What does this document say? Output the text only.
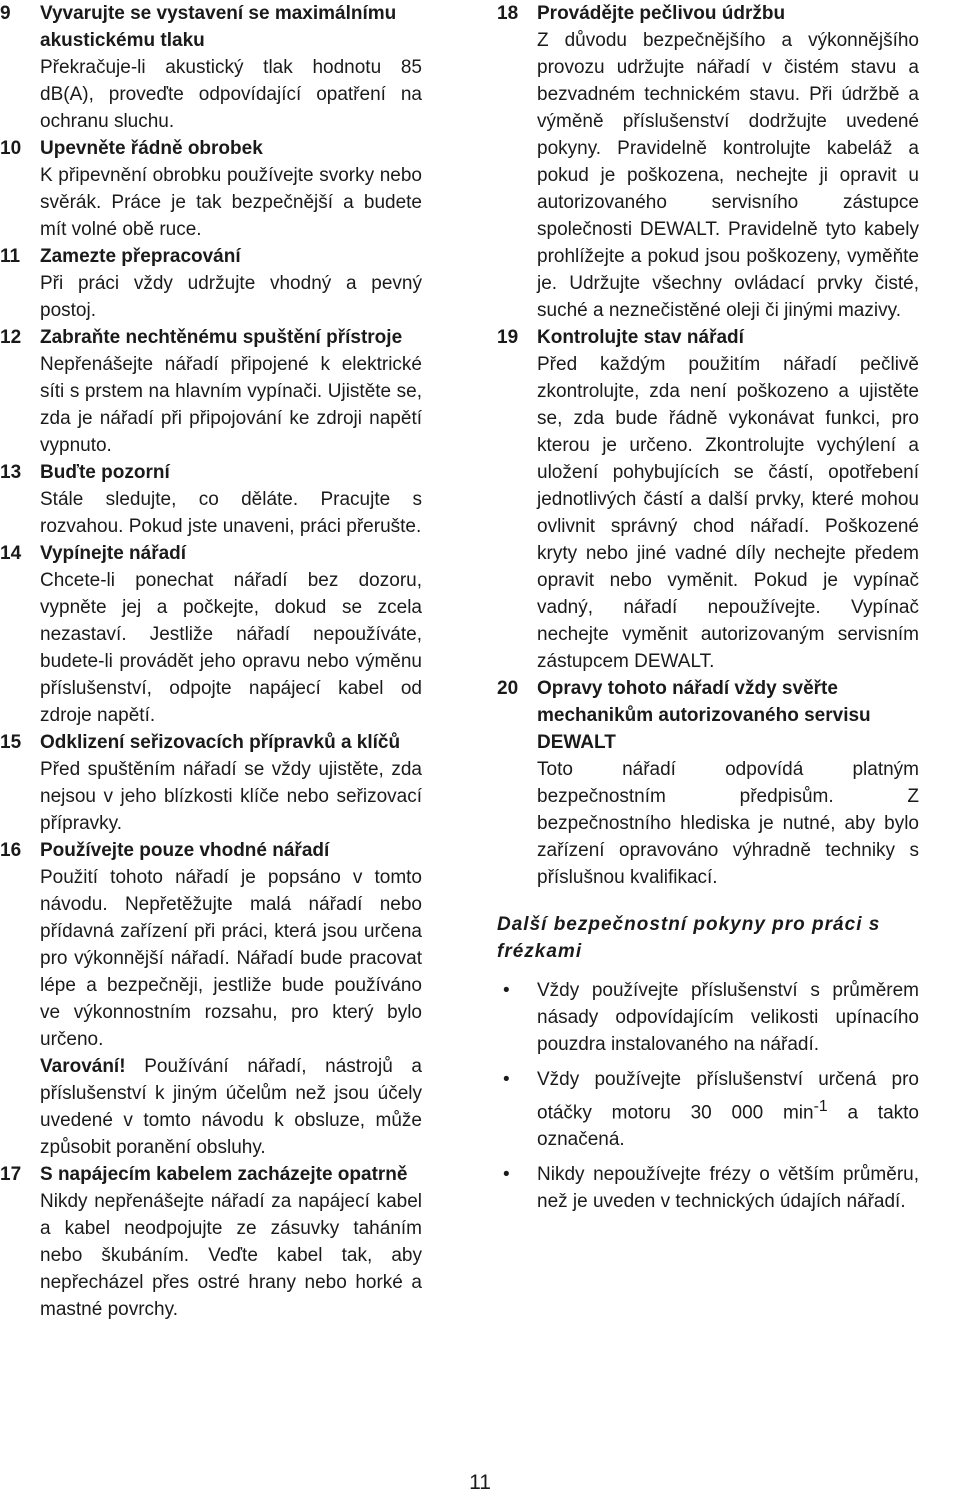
9 Vyvarujte se vystavení se maximálnímu akustickému tlaku
Překračuje-li akustický tlak hodnotu 85 dB(A), proveďte odpovídající opatření na ochranu sluchu.
10 Upevněte řádně obrobek
K připevnění obrobku používejte svorky nebo svěrák. Práce je tak bezpečnější a budete mít volné obě ruce.
11 Zamezte přepracování
Při práci vždy udržujte vhodný a pevný postoj.
12 Zabraňte nechtěnému spuštění přístroje
Nepřenášejte nářadí připojené k elektrické síti s prstem na hlavním vypínači. Ujistěte se, zda je nářadí při připojování ke zdroji napětí vypnuto.
13 Buďte pozorní
Stále sledujte, co děláte. Pracujte s rozvahou. Pokud jste unaveni, práci přerušte.
14 Vypínejte nářadí
Chcete-li ponechat nářadí bez dozoru, vypněte jej a počkejte, dokud se zcela nezastaví. Jestliže nářadí nepoužíváte, budete-li provádět jeho opravu nebo výměnu příslušenství, odpojte napájecí kabel od zdroje napětí.
15 Odklizení seřizovacích přípravků a klíčů
Před spuštěním nářadí se vždy ujistěte, zda nejsou v jeho blízkosti klíče nebo seřizovací přípravky.
16 Používejte pouze vhodné nářadí
Použití tohoto nářadí je popsáno v tomto návodu. Nepřetěžujte malá nářadí nebo přídavná zařízení při práci, která jsou určena pro výkonnější nářadí. Nářadí bude pracovat lépe a bezpečněji, jestliže bude používáno ve výkonnostním rozsahu, pro který bylo určeno.
Varování! Používání nářadí, nástrojů a příslušenství k jiným účelům než jsou účely uvedené v tomto návodu k obsluze, může způsobit poranění obsluhy.
17 S napájecím kabelem zacházejte opatrně
Nikdy nepřenášejte nářadí za napájecí kabel a kabel neodpojujte ze zásuvky taháním nebo škubáním. Veďte kabel tak, aby nepřecházel přes ostré hrany nebo horké a mastné povrchy.
18 Provádějte pečlivou údržbu
Z důvodu bezpečnějšího a výkonnějšího provozu udržujte nářadí v čistém stavu a bezvadném technickém stavu. Při údržbě a výměně příslušenství dodržujte uvedené pokyny. Pravidelně kontrolujte kabeláž a pokud je poškozena, nechejte ji opravit u autorizovaného servisního zástupce společnosti DEWALT. Pravidelně tyto kabely prohlížejte a pokud jsou poškozeny, vyměňte je. Udržujte všechny ovládací prvky čisté, suché a neznečistěné oleji či jinými mazivy.
19 Kontrolujte stav nářadí
Před každým použitím nářadí pečlivě zkontrolujte, zda není poškozeno a ujistěte se, zda bude řádně vykonávat funkci, pro kterou je určeno. Zkontrolujte vychýlení a uložení pohybujících se částí, opotřebení jednotlivých částí a další prvky, které mohou ovlivnit správný chod nářadí. Poškozené kryty nebo jiné vadné díly nechejte předem opravit nebo vyměnit. Pokud je vypínač vadný, nářadí nepoužívejte. Vypínač nechejte vyměnit autorizovaným servisním zástupcem DEWALT.
20 Opravy tohoto nářadí vždy svěřte mechanikům autorizovaného servisu DEWALT
Toto nářadí odpovídá platným bezpečnostním předpisům. Z bezpečnostního hlediska je nutné, aby bylo zařízení opravováno výhradně techniky s příslušnou kvalifikací.
Další bezpečnostní pokyny pro práci s frézkami
• Vždy používejte příslušenství s průměrem násady odpovídajícím velikosti upínacího pouzdra instalovaného na nářadí.
• Vždy používejte příslušenství určená pro otáčky motoru 30 000 $\min^{-1} a$ takto označená.
• Nikdy nepoužívejte frézy o větším průměru, než je uveden v technických údajích nářadí.
11
